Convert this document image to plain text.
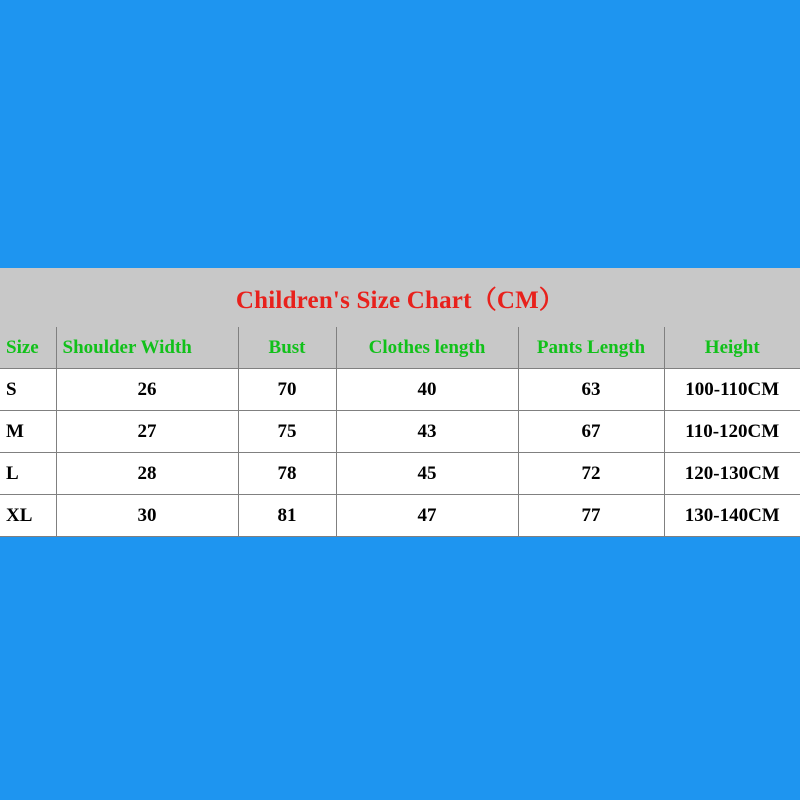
Children's Size Chart（CM）
Size	Shoulder Width	Bust	Clothes length	Pants Length	Height
S	26	70	40	63	100-110CM
M	27	75	43	67	110-120CM
L	28	78	45	72	120-130CM
XL	30	81	47	77	130-140CM
